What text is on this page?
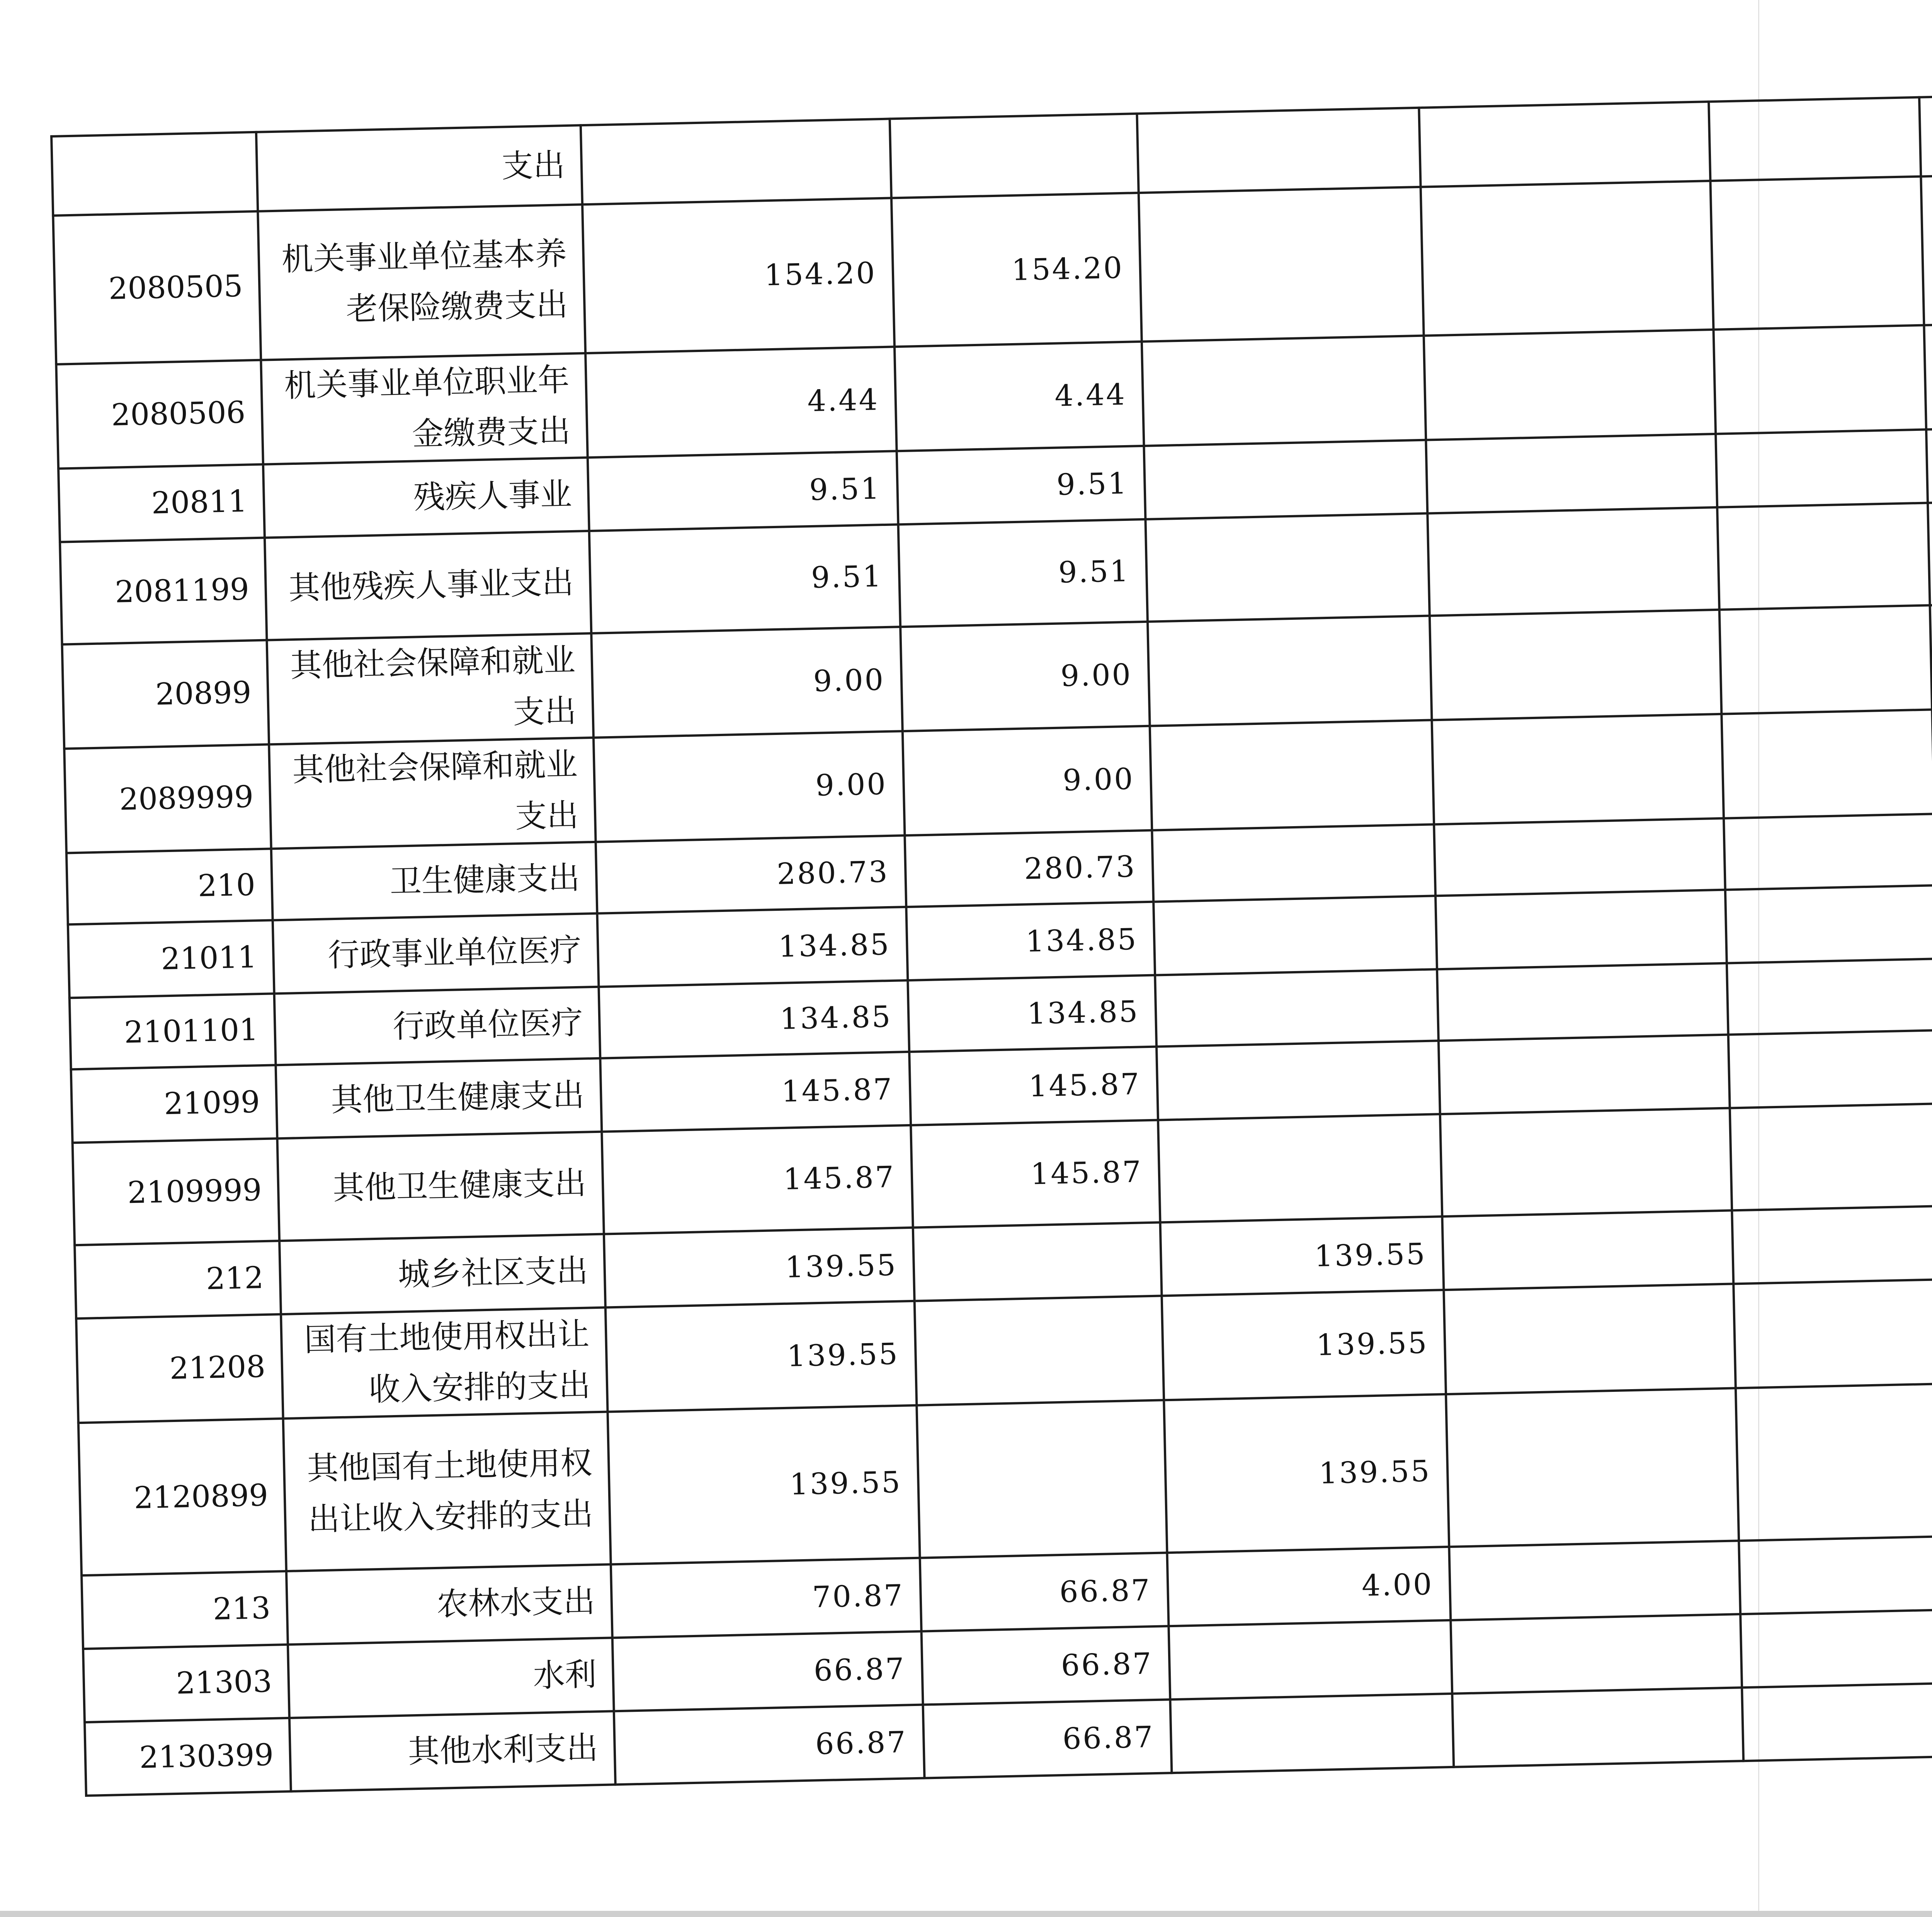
	支出						
2080505	机关事业单位基本养老保险缴费支出	154.20	154.20				
2080506	机关事业单位职业年金缴费支出	4.44	4.44				
20811	残疾人事业	9.51	9.51				
2081199	其他残疾人事业支出	9.51	9.51				
20899	其他社会保障和就业支出	9.00	9.00				
2089999	其他社会保障和就业支出	9.00	9.00				
210	卫生健康支出	280.73	280.73				
21011	行政事业单位医疗	134.85	134.85				
2101101	行政单位医疗	134.85	134.85				
21099	其他卫生健康支出	145.87	145.87				
2109999	其他卫生健康支出	145.87	145.87				
212	城乡社区支出	139.55		139.55			
21208	国有土地使用权出让收入安排的支出	139.55		139.55			
2120899	其他国有土地使用权出让收入安排的支出	139.55		139.55			
213	农林水支出	70.87	66.87	4.00			
21303	水利	66.87	66.87				
2130399	其他水利支出	66.87	66.87				
